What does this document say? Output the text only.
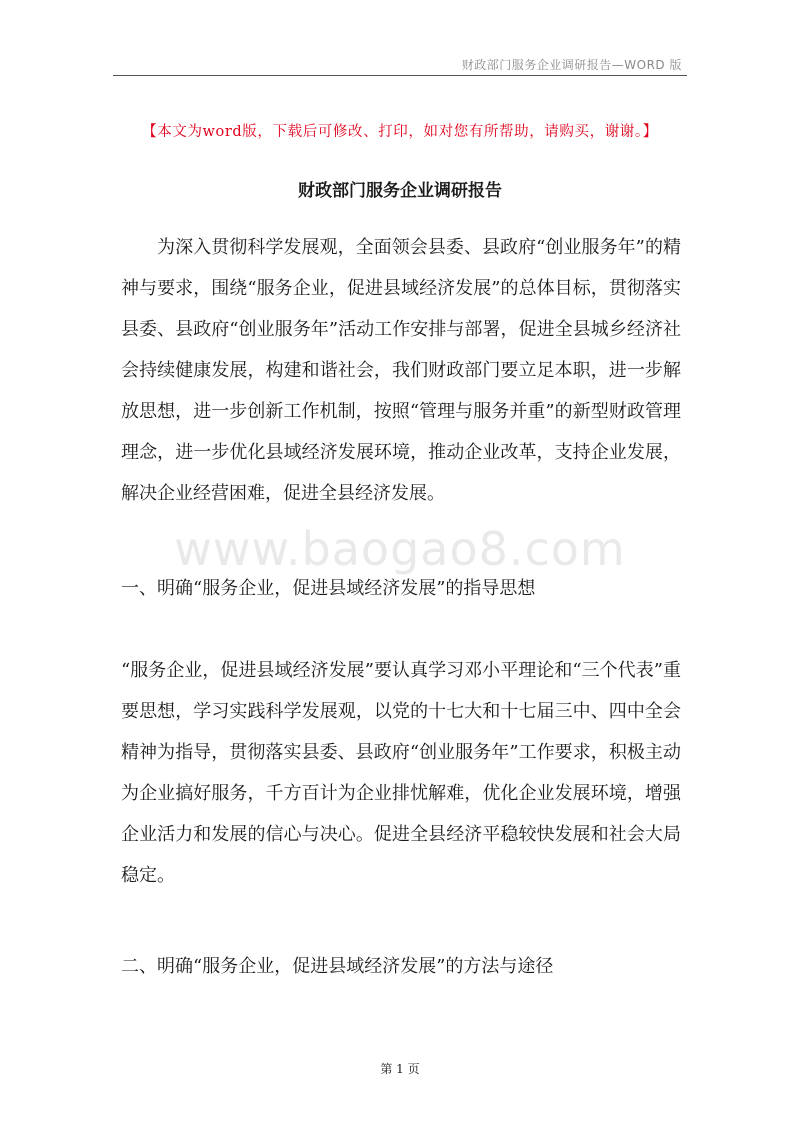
财政部门服务企业调研报告—WORD 版
【本文为word版，下载后可修改、打印，如对您有所帮助，请购买，谢谢。】
财政部门服务企业调研报告
为深入贯彻科学发展观，全面领会县委、县政府“创业服务年”的精神与要求，围绕“服务企业，促进县域经济发展”的总体目标，贯彻落实县委、县政府“创业服务年”活动工作安排与部署，促进全县城乡经济社会持续健康发展，构建和谐社会，我们财政部门要立足本职，进一步解放思想，进一步创新工作机制，按照“管理与服务并重”的新型财政管理理念，进一步优化县域经济发展环境，推动企业改革，支持企业发展，解决企业经营困难，促进全县经济发展。
www.baogao8.com
一、明确“服务企业，促进县域经济发展”的指导思想
“服务企业，促进县域经济发展”要认真学习邓小平理论和“三个代表”重要思想，学习实践科学发展观，以党的十七大和十七届三中、四中全会精神为指导，贯彻落实县委、县政府“创业服务年”工作要求，积极主动为企业搞好服务，千方百计为企业排忧解难，优化企业发展环境，增强企业活力和发展的信心与决心。促进全县经济平稳较快发展和社会大局稳定。
二、明确“服务企业，促进县域经济发展”的方法与途径
第 1 页
